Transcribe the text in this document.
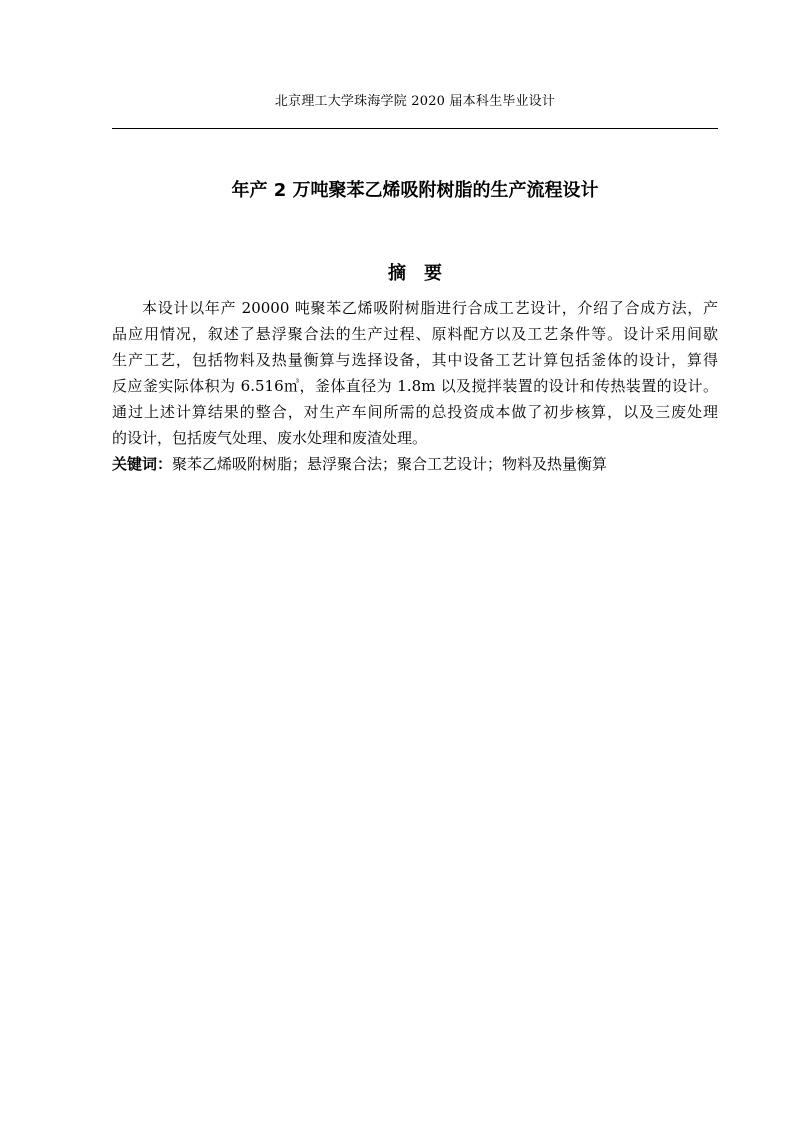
北京理工大学珠海学院 2020 届本科生毕业设计
年产 2 万吨聚苯乙烯吸附树脂的生产流程设计
摘　要
本设计以年产 20000 吨聚苯乙烯吸附树脂进行合成工艺设计，介绍了合成方法，产
品应用情况，叙述了悬浮聚合法的生产过程、原料配方以及工艺条件等。设计采用间歇
生产工艺，包括物料及热量衡算与选择设备，其中设备工艺计算包括釜体的设计，算得
反应釜实际体积为 6.516㎥，釜体直径为 1.8m 以及搅拌装置的设计和传热装置的设计。
通过上述计算结果的整合，对生产车间所需的总投资成本做了初步核算，以及三废处理
的设计，包括废气处理、废水处理和废渣处理。
关键词：聚苯乙烯吸附树脂；悬浮聚合法；聚合工艺设计；物料及热量衡算
